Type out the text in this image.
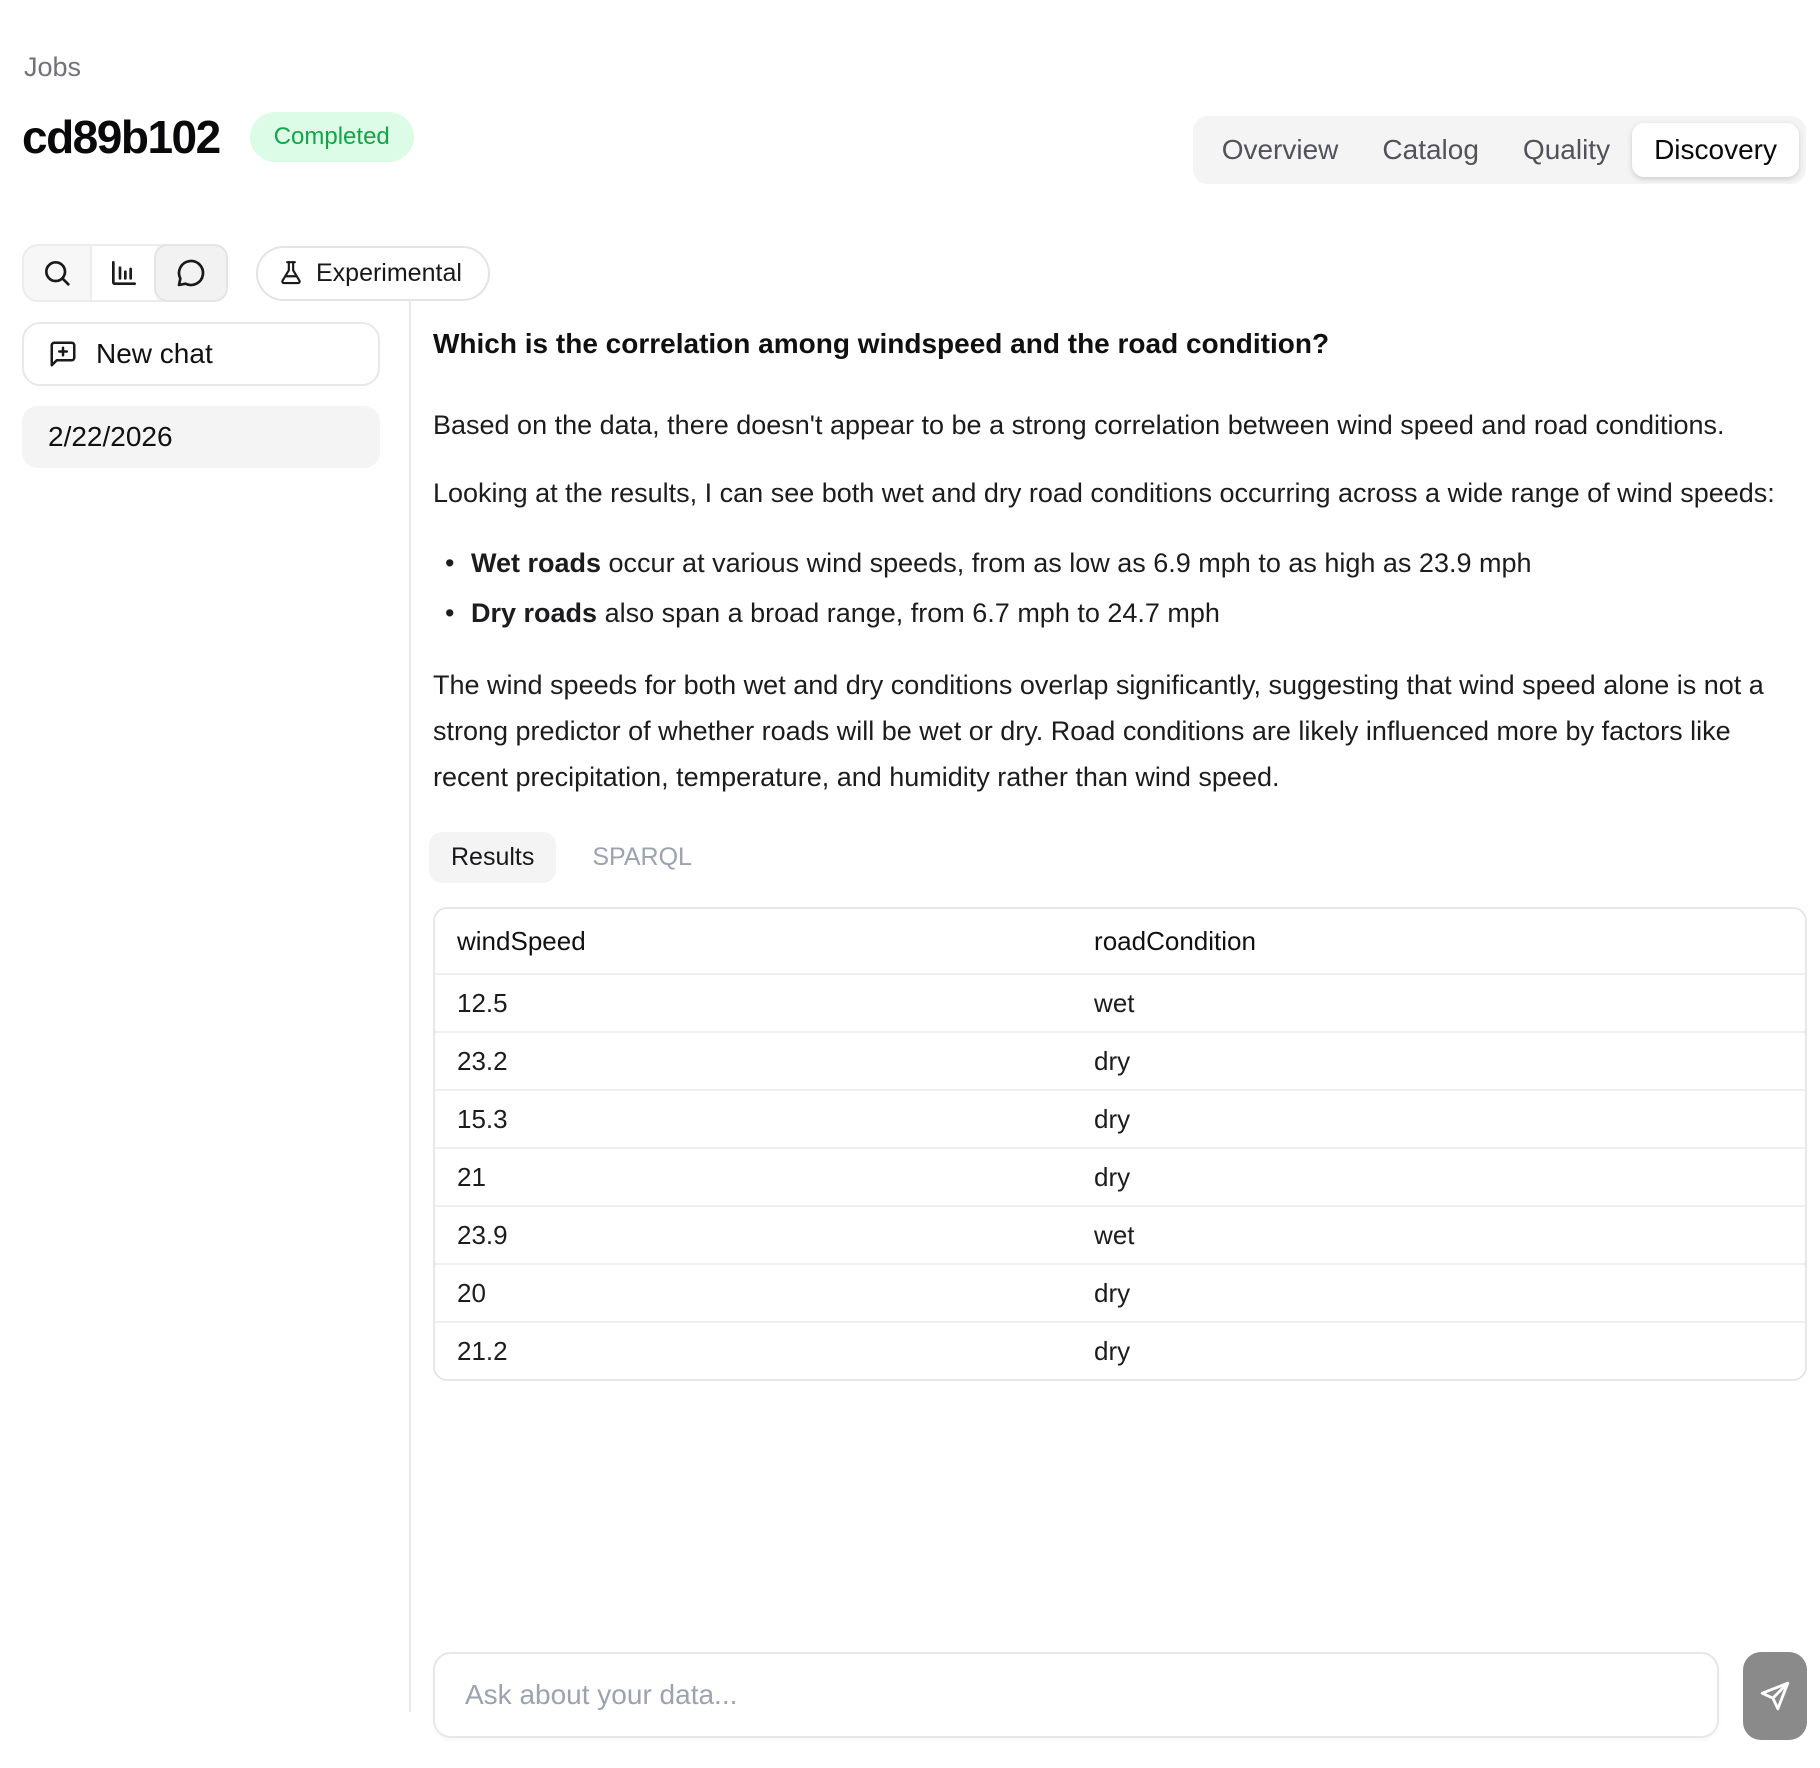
Jobs
cd89b102	Completed	Overview	Catalog	Quality	Discovery
Experimental
New chat
2/22/2026
Which is the correlation among windspeed and the road condition?

Based on the data, there doesn't appear to be a strong correlation between wind speed and road conditions.

Looking at the results, I can see both wet and dry road conditions occurring across a wide range of wind speeds:

• Wet roads occur at various wind speeds, from as low as 6.9 mph to as high as 23.9 mph
• Dry roads also span a broad range, from 6.7 mph to 24.7 mph

The wind speeds for both wet and dry conditions overlap significantly, suggesting that wind speed alone is not a strong predictor of whether roads will be wet or dry. Road conditions are likely influenced more by factors like recent precipitation, temperature, and humidity rather than wind speed.

Results	SPARQL
windSpeed	roadCondition
12.5	wet
23.2	dry
15.3	dry
21	dry
23.9	wet
20	dry
21.2	dry
Ask about your data...
